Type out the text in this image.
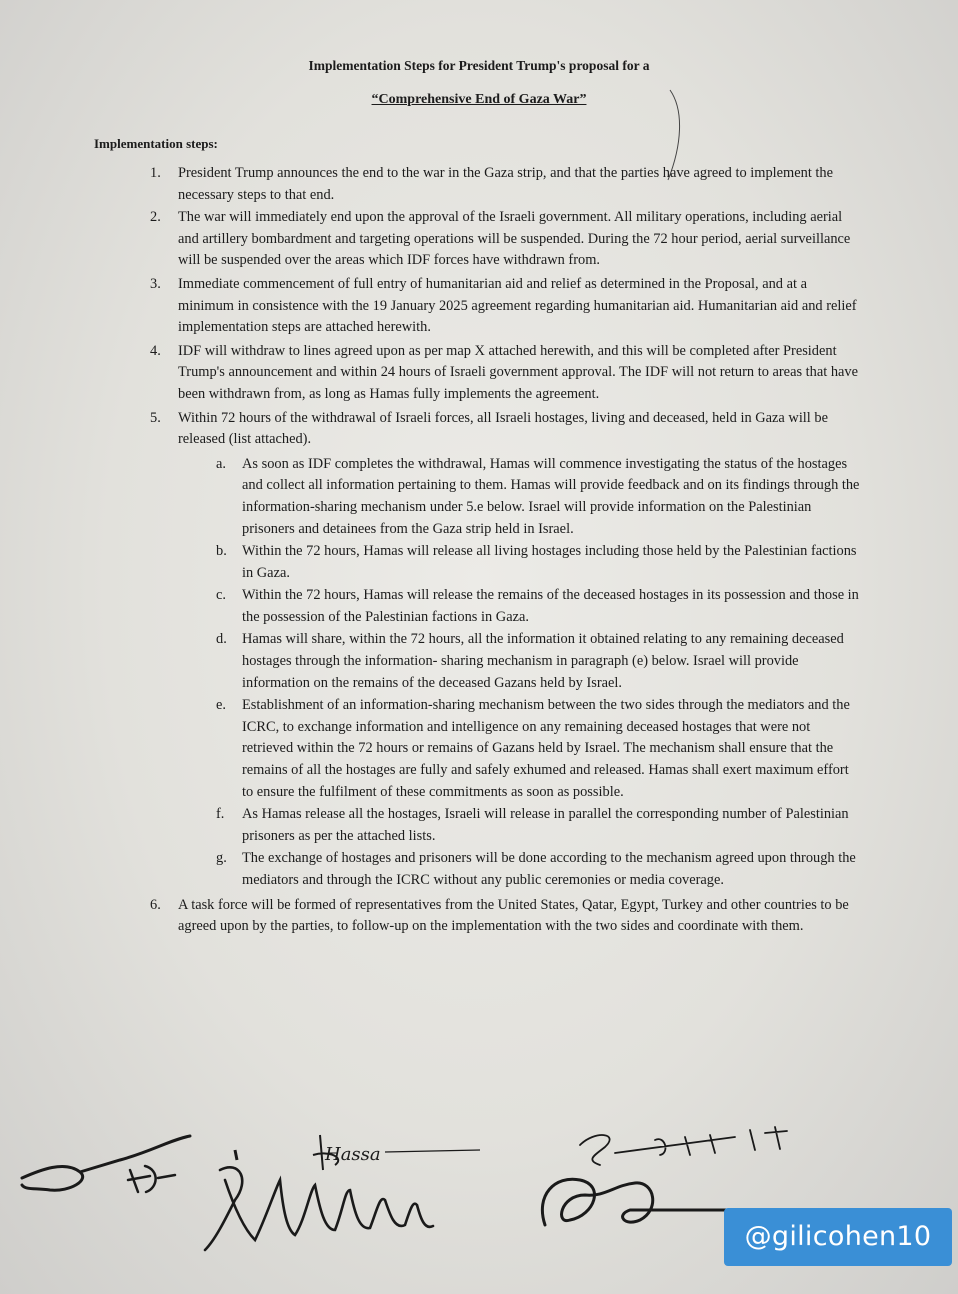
Implementation Steps for President Trump's proposal for a
“Comprehensive End of Gaza War”
Implementation steps:
1. President Trump announces the end to the war in the Gaza strip, and that the parties have agreed to implement the necessary steps to that end.
2. The war will immediately end upon the approval of the Israeli government. All military operations, including aerial and artillery bombardment and targeting operations will be suspended. During the 72 hour period, aerial surveillance will be suspended over the areas which IDF forces have withdrawn from.
3. Immediate commencement of full entry of humanitarian aid and relief as determined in the Proposal, and at a minimum in consistence with the 19 January 2025 agreement regarding humanitarian aid. Humanitarian aid and relief implementation steps are attached herewith.
4. IDF will withdraw to lines agreed upon as per map X attached herewith, and this will be completed after President Trump's announcement and within 24 hours of Israeli government approval. The IDF will not return to areas that have been withdrawn from, as long as Hamas fully implements the agreement.
5. Within 72 hours of the withdrawal of Israeli forces, all Israeli hostages, living and deceased, held in Gaza will be released (list attached).
a. As soon as IDF completes the withdrawal, Hamas will commence investigating the status of the hostages and collect all information pertaining to them. Hamas will provide feedback and on its findings through the information-sharing mechanism under 5.e below. Israel will provide information on the Palestinian prisoners and detainees from the Gaza strip held in Israel.
b. Within the 72 hours, Hamas will release all living hostages including those held by the Palestinian factions in Gaza.
c. Within the 72 hours, Hamas will release the remains of the deceased hostages in its possession and those in the possession of the Palestinian factions in Gaza.
d. Hamas will share, within the 72 hours, all the information it obtained relating to any remaining deceased hostages through the information- sharing mechanism in paragraph (e) below. Israel will provide information on the remains of the deceased Gazans held by Israel.
e. Establishment of an information-sharing mechanism between the two sides through the mediators and the ICRC, to exchange information and intelligence on any remaining deceased hostages that were not retrieved within the 72 hours or remains of Gazans held by Israel. The mechanism shall ensure that the remains of all the hostages are fully and safely exhumed and released. Hamas shall exert maximum effort to ensure the fulfilment of these commitments as soon as possible.
f. As Hamas release all the hostages, Israeli will release in parallel the corresponding number of Palestinian prisoners as per the attached lists.
g. The exchange of hostages and prisoners will be done according to the mechanism agreed upon through the mediators and through the ICRC without any public ceremonies or media coverage.
6. A task force will be formed of representatives from the United States, Qatar, Egypt, Turkey and other countries to be agreed upon by the parties, to follow-up on the implementation with the two sides and coordinate with them.
Hassa
@gilicohen10
